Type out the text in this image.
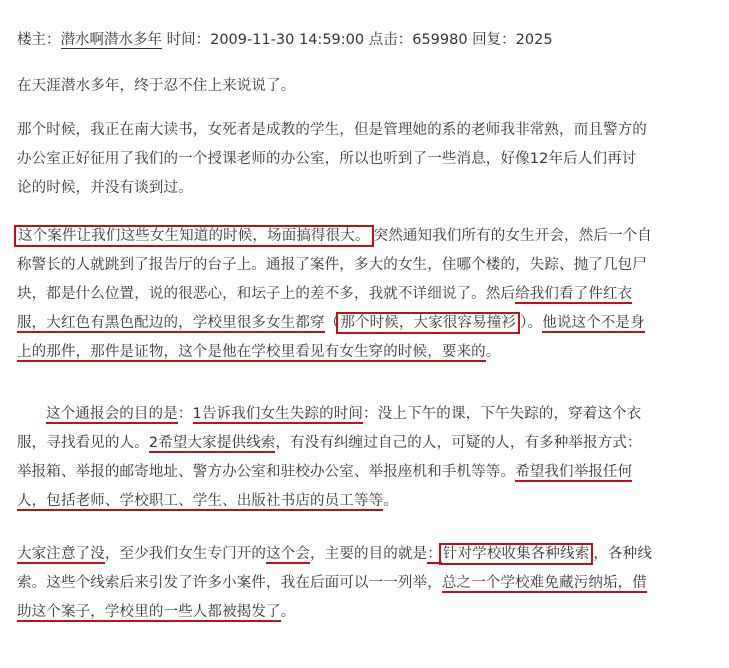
楼主：潜水啊潜水多年 时间：2009-11-30 14:59:00 点击：659980 回复：2025
在天涯潜水多年，终于忍不住上来说说了。
那个时候，我正在南大读书，女死者是成教的学生，但是管理她的系的老师我非常熟，而且警方的
办公室正好征用了我们的一个授课老师的办公室，所以也听到了一些消息，好像12年后人们再讨
论的时候，并没有谈到过。
这个案件让我们这些女生知道的时候，场面搞得很大。 突然通知我们所有的女生开会，然后一个自
称警长的人就跳到了报告厅的台子上。通报了案件，多大的女生，住哪个楼的，失踪、抛了几包尸
块，都是什么位置，说的很恶心，和坛子上的差不多，我就不详细说了。然后给我们看了件红衣
服，大红色有黑色配边的，学校里很多女生都穿（那个时候，大家很容易撞衫 ）。他说这个不是身
上的那件，那件是证物，这个是他在学校里看见有女生穿的时候，要来的。
这个通报会的目的是：1告诉我们女生失踪的时间：没上下午的课，下午失踪的，穿着这个衣
服，寻找看见的人。2希望大家提供线索，有没有纠缠过自己的人，可疑的人，有多种举报方式：
举报箱、举报的邮寄地址、警方办公室和驻校办公室、举报座机和手机等等。希望我们举报任何
人，包括老师、学校职工、学生、出版社书店的员工等等。
大家注意了没，至少我们女生专门开的这个会，主要的目的就是：针对学校收集各种线索 ，各种线
索。这些个线索后来引发了许多小案件，我在后面可以一一列举，总之一个学校难免藏污纳垢，借
助这个案子，学校里的一些人都被揭发了。
